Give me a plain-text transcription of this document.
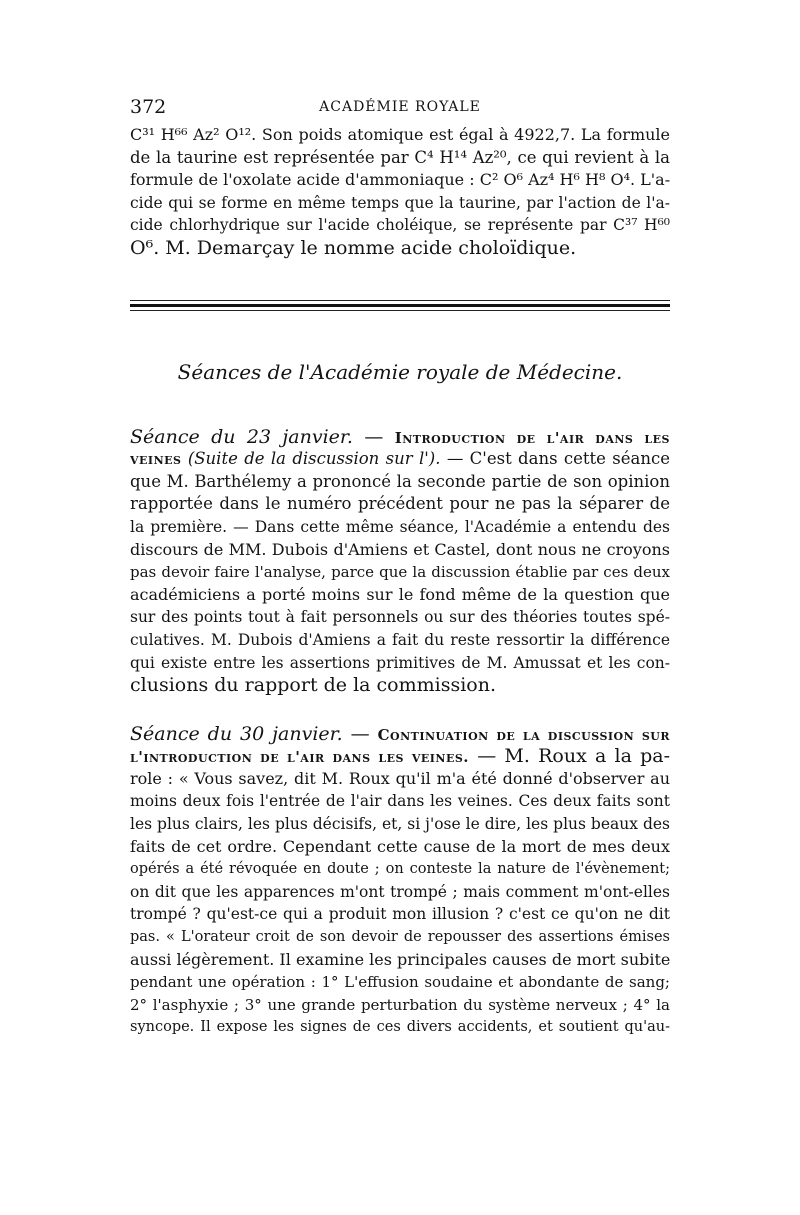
372	ACADÉMIE ROYALE
C³¹ H⁶⁶ Az² O¹². Son poids atomique est égal à 4922,7. La formule
de la taurine est représentée par C⁴ H¹⁴ Az²⁰, ce qui revient à la
formule de l'oxolate acide d'ammoniaque : C² O⁶ Az⁴ H⁶ H⁸ O⁴. L'a-
cide qui se forme en même temps que la taurine, par l'action de l'a-
cide chlorhydrique sur l'acide choléique, se représente par C³⁷ H⁶⁰
O⁶. M. Demarçay le nomme acide choloïdique.
Séances de l'Académie royale de Médecine.
Séance du 23 janvier. — Introduction de l'air dans les
veines (Suite de la discussion sur l'). — C'est dans cette séance
que M. Barthélemy a prononcé la seconde partie de son opinion
rapportée dans le numéro précédent pour ne pas la séparer de
la première. — Dans cette même séance, l'Académie a entendu des
discours de MM. Dubois d'Amiens et Castel, dont nous ne croyons
pas devoir faire l'analyse, parce que la discussion établie par ces deux
académiciens a porté moins sur le fond même de la question que
sur des points tout à fait personnels ou sur des théories toutes spé-
culatives. M. Dubois d'Amiens a fait du reste ressortir la différence
qui existe entre les assertions primitives de M. Amussat et les con-
clusions du rapport de la commission.
Séance du 30 janvier. — Continuation de la discussion sur
l'introduction de l'air dans les veines. — M. Roux a la pa-
role : « Vous savez, dit M. Roux qu'il m'a été donné d'observer au
moins deux fois l'entrée de l'air dans les veines. Ces deux faits sont
les plus clairs, les plus décisifs, et, si j'ose le dire, les plus beaux des
faits de cet ordre. Cependant cette cause de la mort de mes deux
opérés a été révoquée en doute ; on conteste la nature de l'évènement;
on dit que les apparences m'ont trompé ; mais comment m'ont-elles
trompé ? qu'est-ce qui a produit mon illusion ? c'est ce qu'on ne dit
pas. « L'orateur croit de son devoir de repousser des assertions émises
aussi légèrement. Il examine les principales causes de mort subite
pendant une opération : 1° L'effusion soudaine et abondante de sang;
2° l'asphyxie ; 3° une grande perturbation du système nerveux ; 4° la
syncope. Il expose les signes de ces divers accidents, et soutient qu'au-
